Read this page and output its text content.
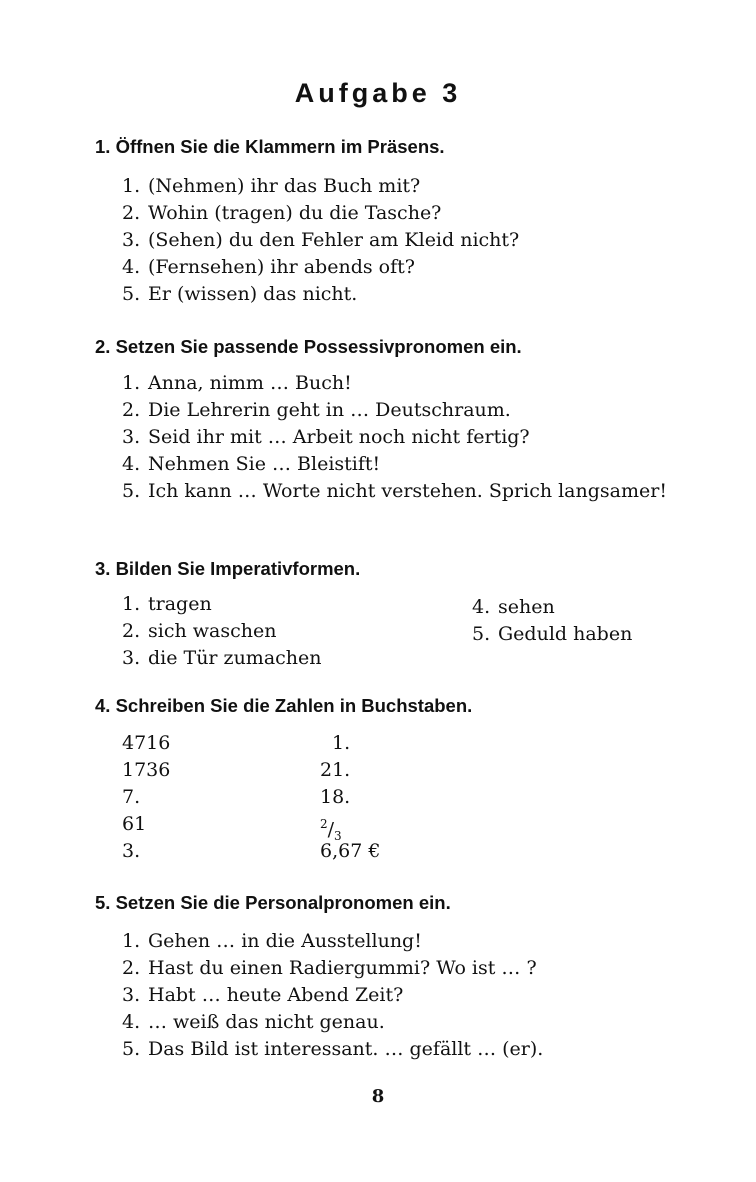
Aufgabe 3
1. Öffnen Sie die Klammern im Präsens.
1. (Nehmen) ihr das Buch mit?
2. Wohin (tragen) du die Tasche?
3. (Sehen) du den Fehler am Kleid nicht?
4. (Fernsehen) ihr abends oft?
5. Er (wissen) das nicht.
2. Setzen Sie passende Possessivpronomen ein.
1. Anna, nimm … Buch!
2. Die Lehrerin geht in … Deutschraum.
3. Seid ihr mit … Arbeit noch nicht fertig?
4. Nehmen Sie … Bleistift!
5. Ich kann … Worte nicht verstehen. Sprich langsamer!
3. Bilden Sie Imperativformen.
1. tragen
2. sich waschen
3. die Tür zumachen
4. sehen
5. Geduld haben
4. Schreiben Sie die Zahlen in Buchstaben.
4716
1736
7.
61
3.
1.
21.
18.
$^2/_3$
6,67 €
5. Setzen Sie die Personalpronomen ein.
1. Gehen … in die Ausstellung!
2. Hast du einen Radiergummi? Wo ist … ?
3. Habt … heute Abend Zeit?
4. … weiß das nicht genau.
5. Das Bild ist interessant. … gefällt … (er).
8
